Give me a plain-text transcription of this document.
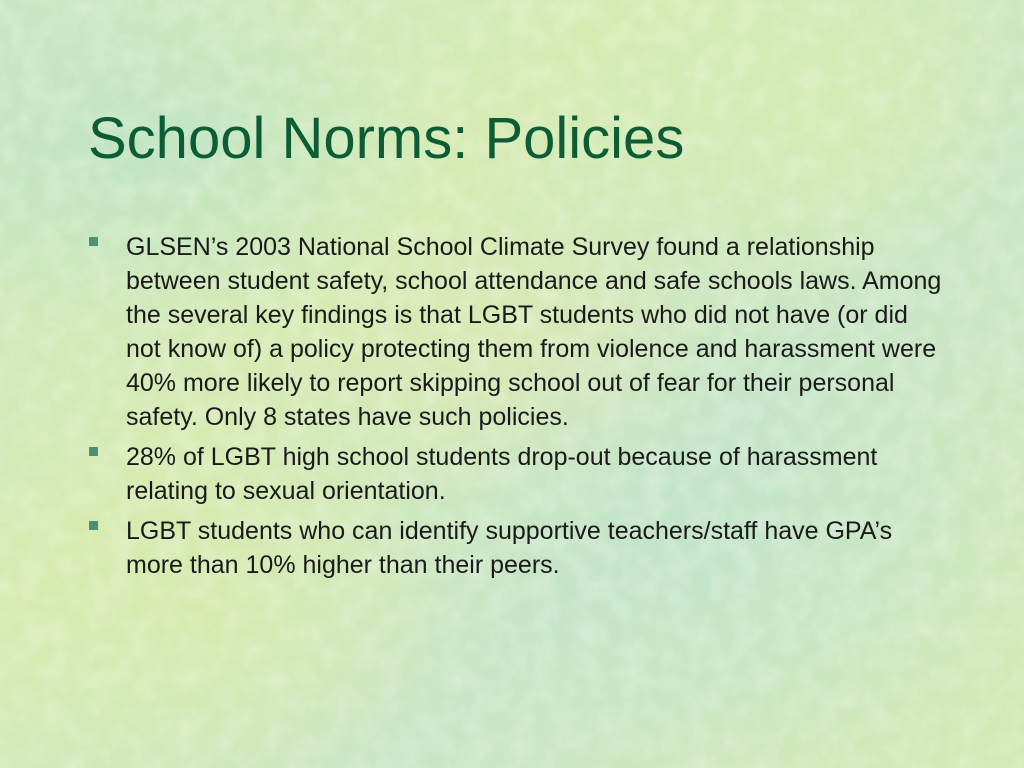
School Norms: Policies
GLSEN’s 2003 National School Climate Survey found a relationship between student safety, school attendance and safe schools laws. Among the several key findings is that LGBT students who did not have (or did not know of) a policy protecting them from violence and harassment were 40% more likely to report skipping school out of fear for their personal safety. Only 8 states have such policies.
28% of LGBT high school students drop-out because of harassment relating to sexual orientation.
LGBT students who can identify supportive teachers/staff have GPA’s more than 10% higher than their peers.
